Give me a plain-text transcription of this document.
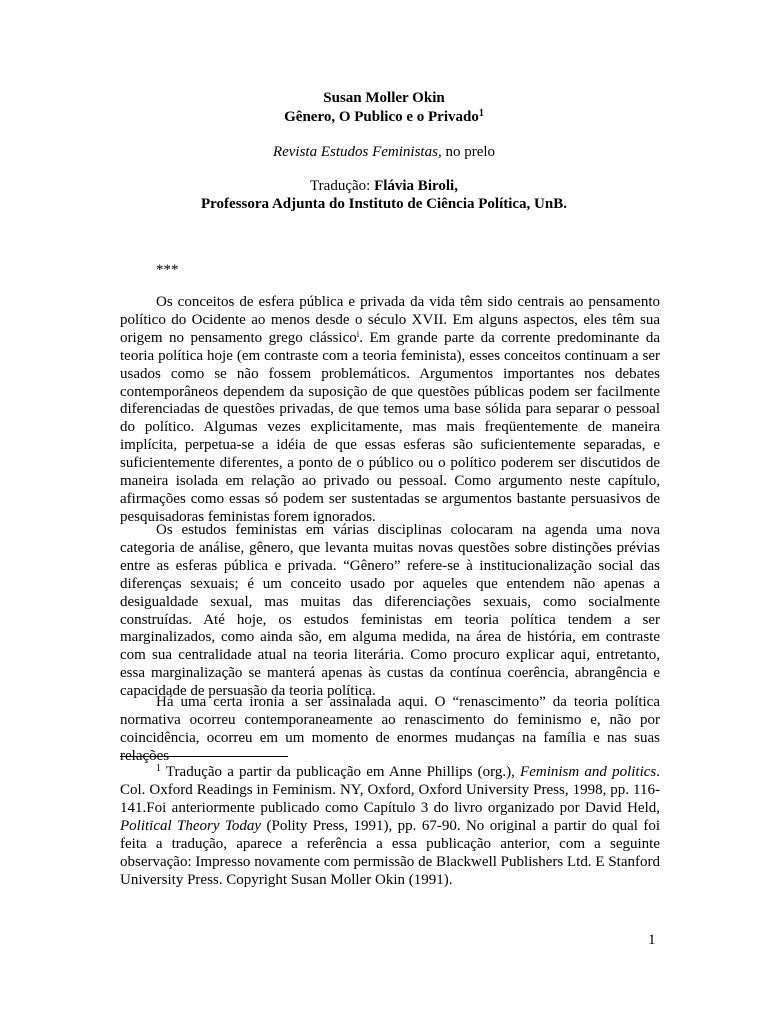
Susan Moller Okin
Gênero, O Publico e o Privado$^1$
Revista Estudos Feministas, no prelo
Tradução: Flávia Biroli,
Professora Adjunta do Instituto de Ciência Política, UnB.
***

Os conceitos de esfera pública e privada da vida têm sido centrais ao pensamento político do Ocidente ao menos desde o século XVII. Em alguns aspectos, eles têm sua origem no pensamento grego clássico$^i$. Em grande parte da corrente predominante da teoria política hoje (em contraste com a teoria feminista), esses conceitos continuam a ser usados como se não fossem problemáticos. Argumentos importantes nos debates contemporâneos dependem da suposição de que questões públicas podem ser facilmente diferenciadas de questões privadas, de que temos uma base sólida para separar o pessoal do político. Algumas vezes explicitamente, mas mais freqüentemente de maneira implícita, perpetua-se a idéia de que essas esferas são suficientemente separadas, e suficientemente diferentes, a ponto de o público ou o político poderem ser discutidos de maneira isolada em relação ao privado ou pessoal. Como argumento neste capítulo, afirmações como essas só podem ser sustentadas se argumentos bastante persuasivos de pesquisadoras feministas forem ignorados.

Os estudos feministas em várias disciplinas colocaram na agenda uma nova categoria de análise, gênero, que levanta muitas novas questões sobre distinções prévias entre as esferas pública e privada. “Gênero” refere-se à institucionalização social das diferenças sexuais; é um conceito usado por aqueles que entendem não apenas a desigualdade sexual, mas muitas das diferenciações sexuais, como socialmente construídas. Até hoje, os estudos feministas em teoria política tendem a ser marginalizados, como ainda são, em alguma medida, na área de história, em contraste com sua centralidade atual na teoria literária. Como procuro explicar aqui, entretanto, essa marginalização se manterá apenas às custas da contínua coerência, abrangência e capacidade de persuasão da teoria política.

Há uma certa ironia a ser assinalada aqui. O “renascimento” da teoria política normativa ocorreu contemporaneamente ao renascimento do feminismo e, não por coincidência, ocorreu em um momento de enormes mudanças na família e nas suas relações

$^1$ Tradução a partir da publicação em Anne Phillips (org.), Feminism and politics. Col. Oxford Readings in Feminism. NY, Oxford, Oxford University Press, 1998, pp. 116-141.Foi anteriormente publicado como Capítulo 3 do livro organizado por David Held, Political Theory Today (Polity Press, 1991), pp. 67-90. No original a partir do qual foi feita a tradução, aparece a referência a essa publicação anterior, com a seguinte observação: Impresso novamente com permissão de Blackwell Publishers Ltd. E Stanford University Press. Copyright Susan Moller Okin (1991).

1
